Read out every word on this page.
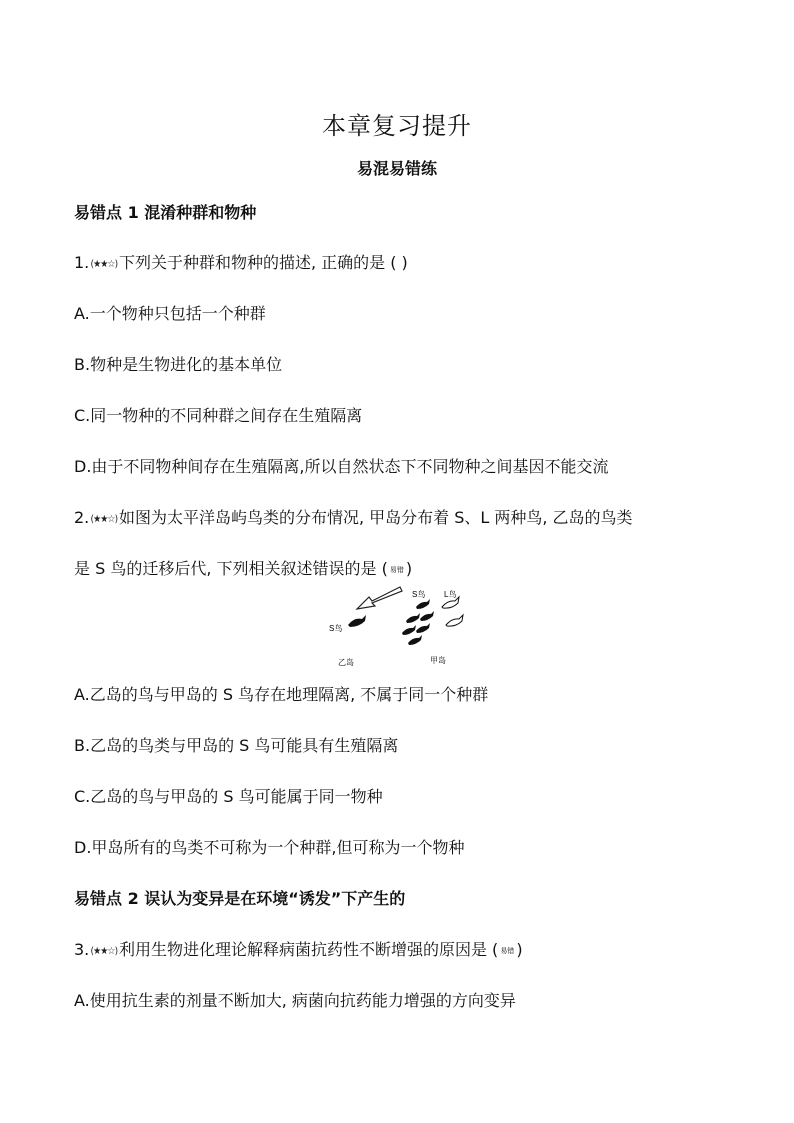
本章复习提升
易混易错练
易错点 1 混淆种群和物种
1.(★★☆)下列关于种群和物种的描述, 正确的是 ( )
A.一个物种只包括一个种群
B.物种是生物进化的基本单位
C.同一物种的不同种群之间存在生殖隔离
D.由于不同物种间存在生殖隔离,所以自然状态下不同物种之间基因不能交流
2.(★★☆)如图为太平洋岛屿鸟类的分布情况, 甲岛分布着 S、L 两种鸟, 乙岛的鸟类
是 S 鸟的迁移后代, 下列相关叙述错误的是 ( 易错 )
S鸟
S鸟 L鸟
乙岛	甲岛
A.乙岛的鸟与甲岛的 S 鸟存在地理隔离, 不属于同一个种群
B.乙岛的鸟类与甲岛的 S 鸟可能具有生殖隔离
C.乙岛的鸟与甲岛的 S 鸟可能属于同一物种
D.甲岛所有的鸟类不可称为一个种群,但可称为一个物种
易错点 2 误认为变异是在环境“诱发”下产生的
3.(★★☆)利用生物进化理论解释病菌抗药性不断增强的原因是 ( 易错 )
A.使用抗生素的剂量不断加大, 病菌向抗药能力增强的方向变异
